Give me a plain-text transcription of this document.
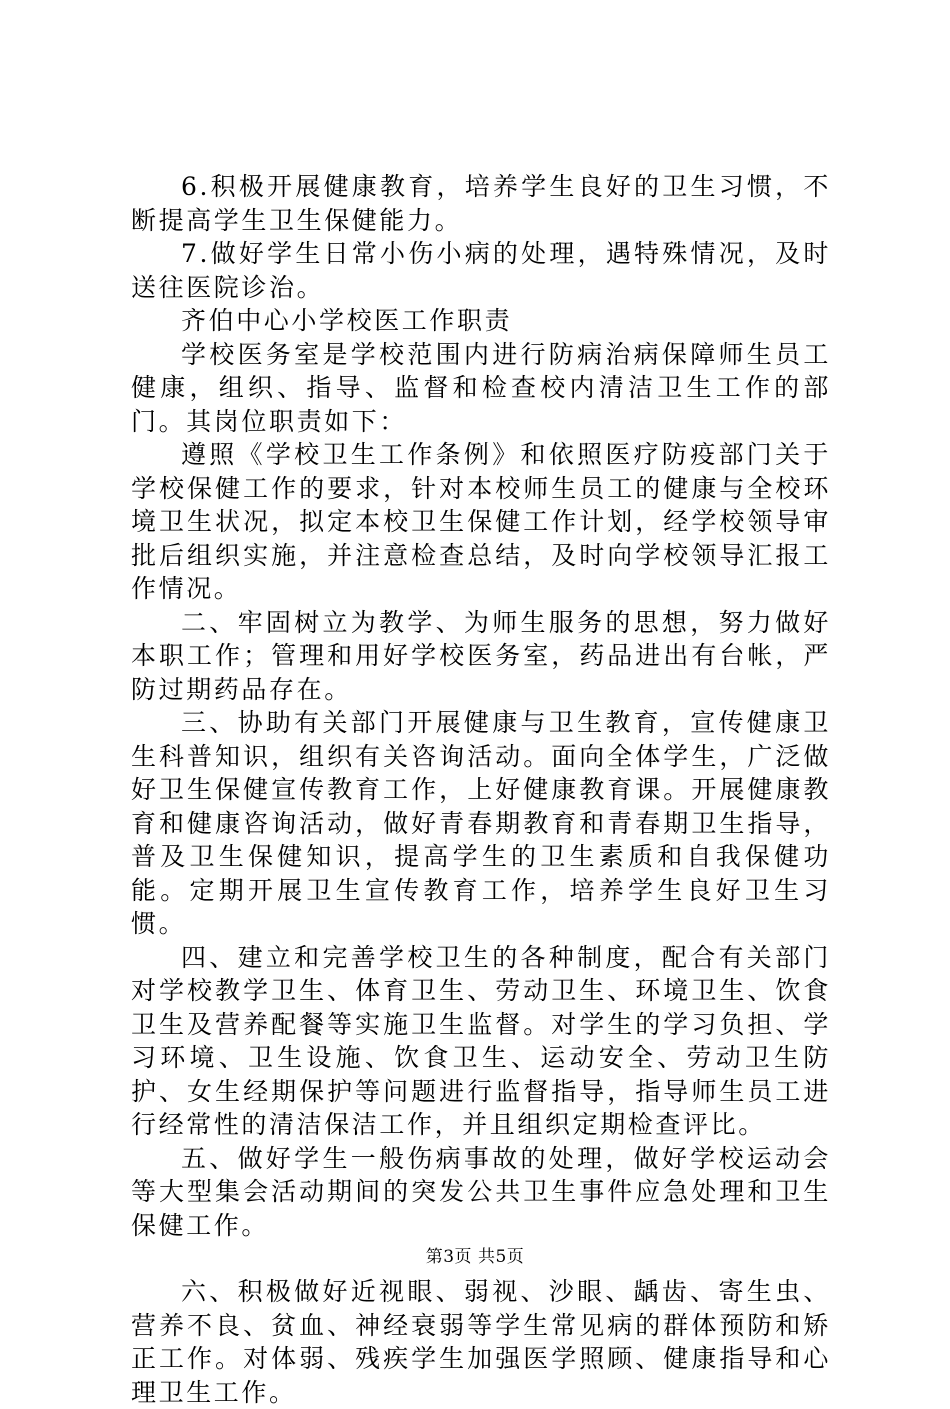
6.积极开展健康教育，培养学生良好的卫生习惯，不断提高学生卫生保健能力。

7.做好学生日常小伤小病的处理，遇特殊情况，及时送往医院诊治。

齐伯中心小学校医工作职责

学校医务室是学校范围内进行防病治病保障师生员工健康，组织、指导、监督和检查校内清洁卫生工作的部门。其岗位职责如下：

遵照《学校卫生工作条例》和依照医疗防疫部门关于学校保健工作的要求，针对本校师生员工的健康与全校环境卫生状况，拟定本校卫生保健工作计划，经学校领导审批后组织实施，并注意检查总结，及时向学校领导汇报工作情况。

二、牢固树立为教学、为师生服务的思想，努力做好本职工作；管理和用好学校医务室，药品进出有台帐，严防过期药品存在。

三、协助有关部门开展健康与卫生教育，宣传健康卫生科普知识，组织有关咨询活动。面向全体学生，广泛做好卫生保健宣传教育工作，上好健康教育课。开展健康教育和健康咨询活动，做好青春期教育和青春期卫生指导，普及卫生保健知识，提高学生的卫生素质和自我保健功能。定期开展卫生宣传教育工作，培养学生良好卫生习惯。

四、建立和完善学校卫生的各种制度，配合有关部门对学校教学卫生、体育卫生、劳动卫生、环境卫生、饮食卫生及营养配餐等实施卫生监督。对学生的学习负担、学习环境、卫生设施、饮食卫生、运动安全、劳动卫生防护、女生经期保护等问题进行监督指导，指导师生员工进行经常性的清洁保洁工作，并且组织定期检查评比。

五、做好学生一般伤病事故的处理，做好学校运动会等大型集会活动期间的突发公共卫生事件应急处理和卫生保健工作。

六、积极做好近视眼、弱视、沙眼、龋齿、寄生虫、营养不良、贫血、神经衰弱等学生常见病的群体预防和矫正工作。对体弱、残疾学生加强医学照顾、健康指导和心理卫生工作。

第3页 共5页
